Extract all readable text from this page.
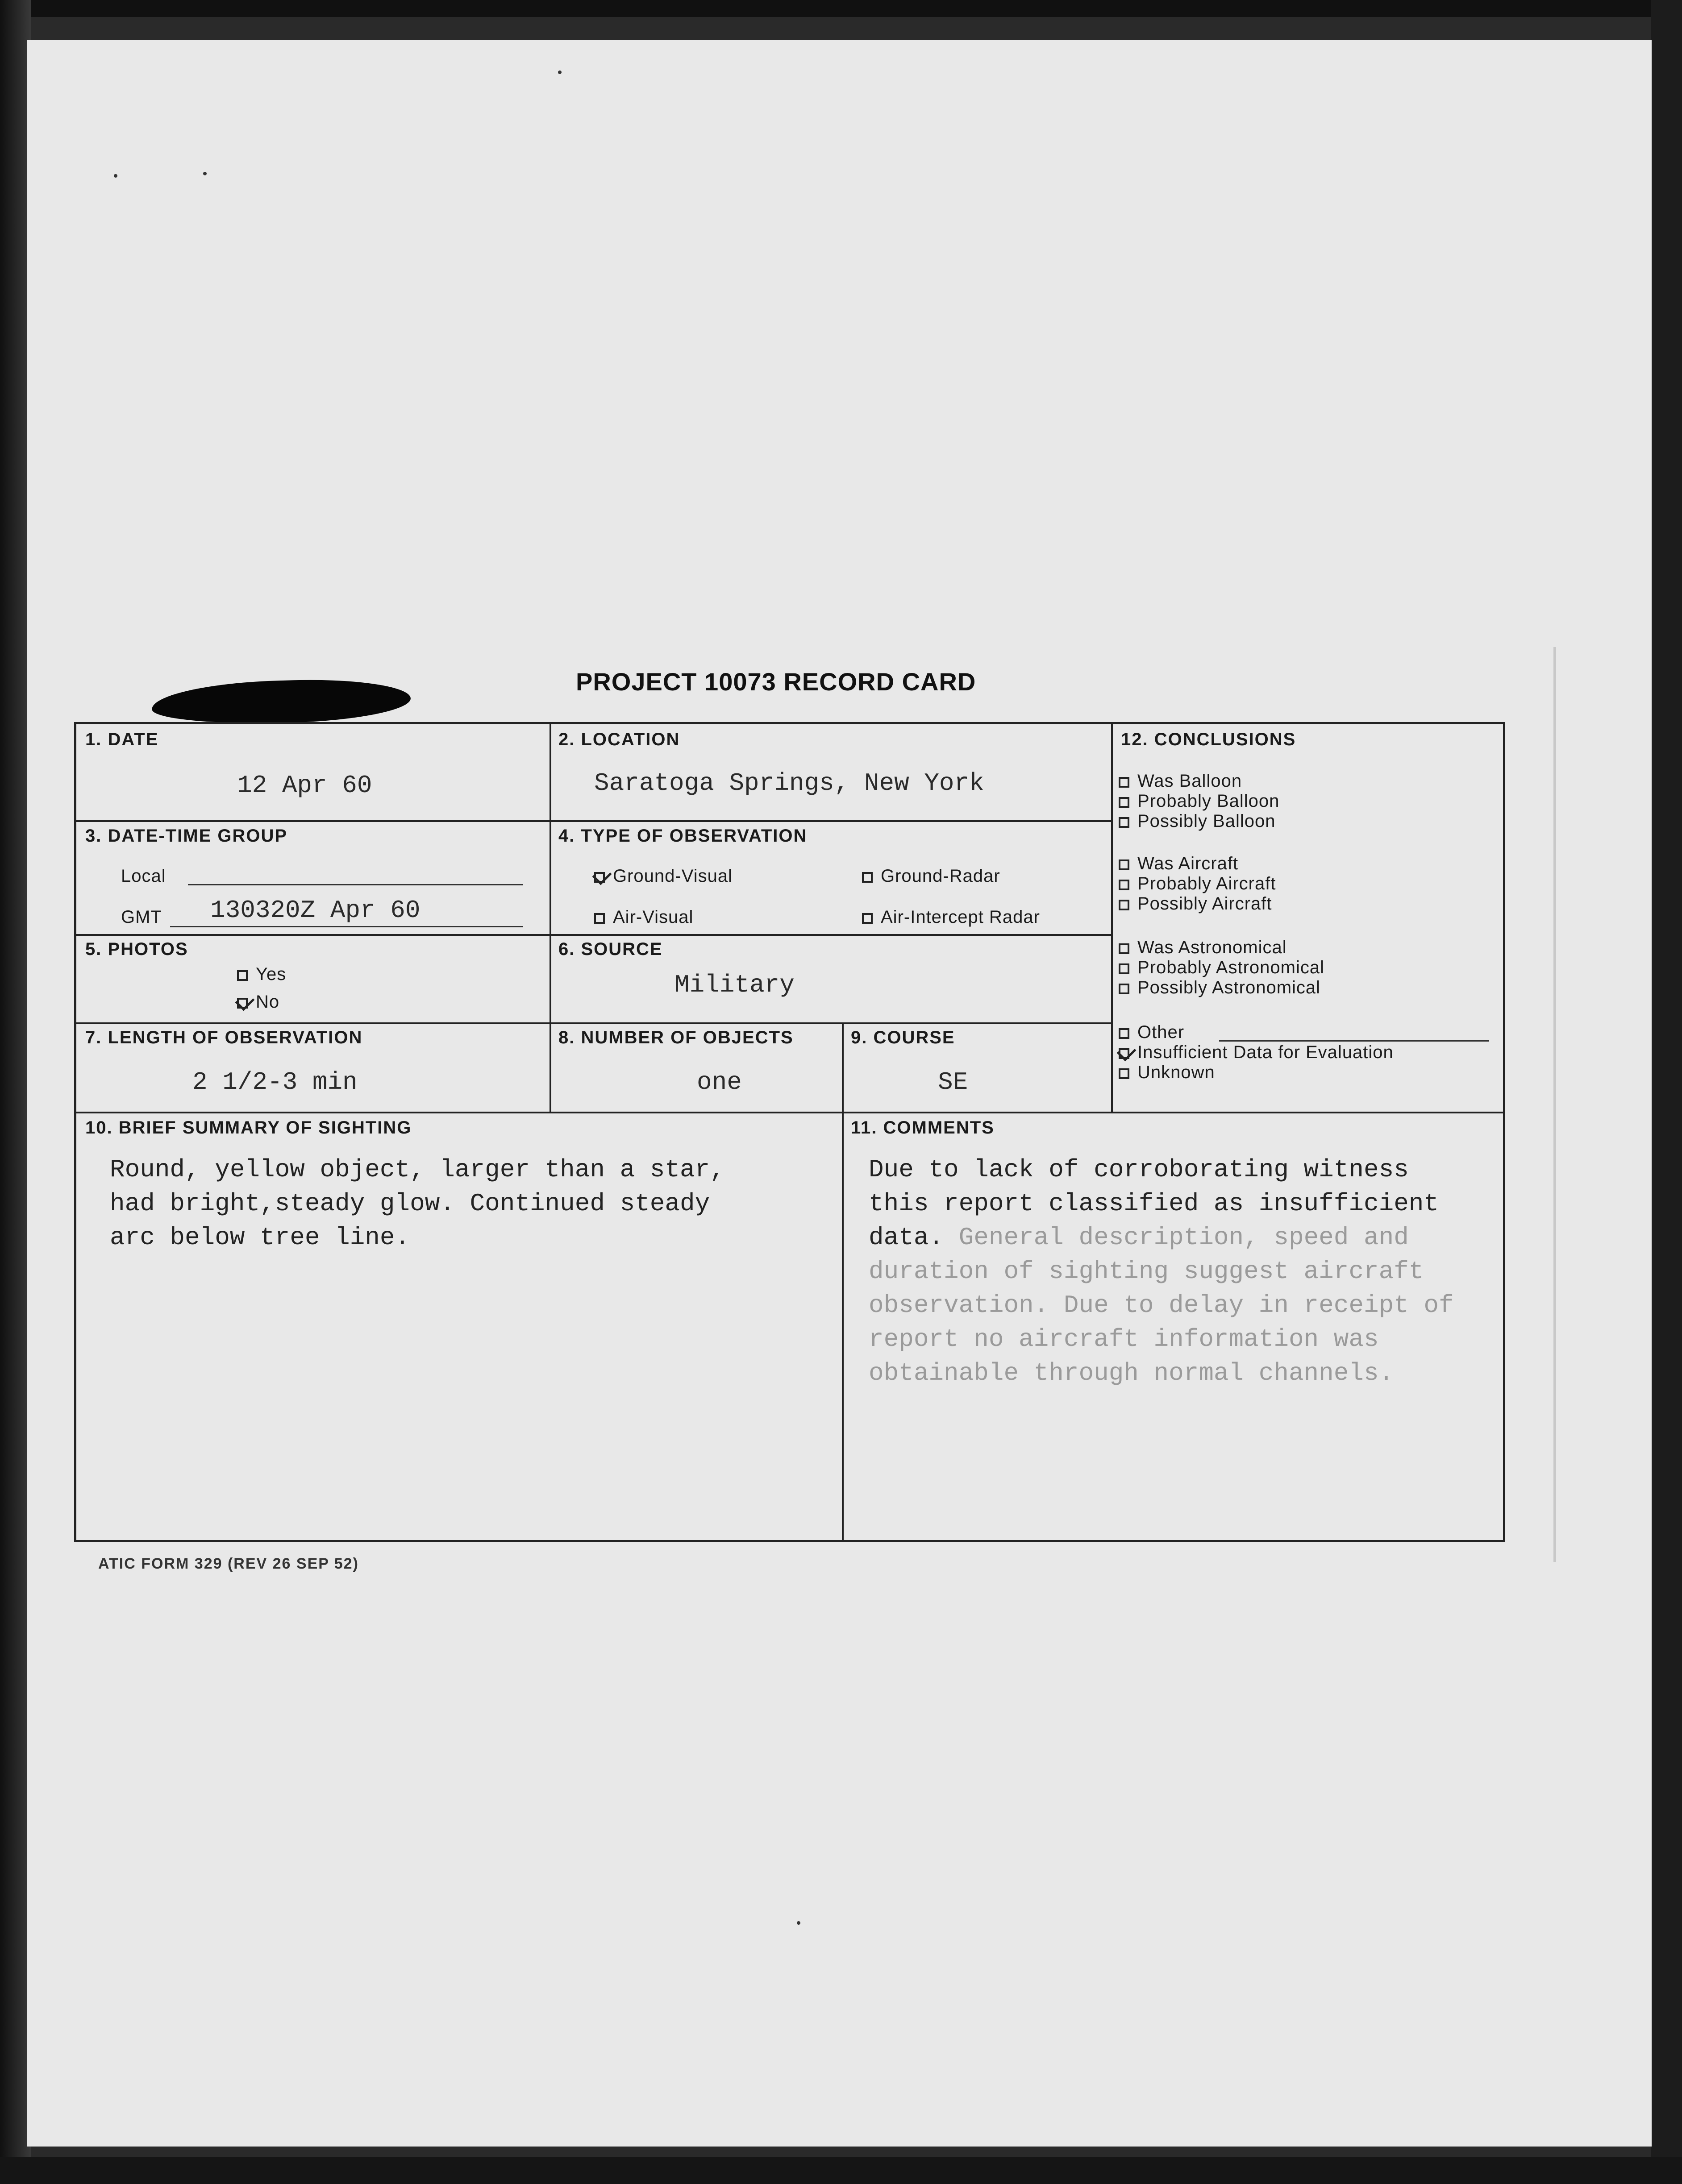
PROJECT 10073 RECORD CARD
1. DATE
12 Apr 60
2. LOCATION
Saratoga Springs, New York
3. DATE-TIME GROUP
Local
GMT 130320Z Apr 60
4. TYPE OF OBSERVATION
Ground-Visual	Ground-Radar
Air-Visual	Air-Intercept Radar
5. PHOTOS
Yes
No
6. SOURCE
Military
7. LENGTH OF OBSERVATION
2 1/2-3 min
8. NUMBER OF OBJECTS
one
9. COURSE
SE
10. BRIEF SUMMARY OF SIGHTING
Round, yellow object, larger than a star,
had bright,steady glow. Continued steady
arc below tree line.
11. COMMENTS
Due to lack of corroborating witness
this report classified as insufficient
data. General description, speed and
duration of sighting suggest aircraft
observation. Due to delay in receipt of
report no aircraft information was
obtainable through normal channels.
12. CONCLUSIONS
Was Balloon
Probably Balloon
Possibly Balloon
Was Aircraft
Probably Aircraft
Possibly Aircraft
Was Astronomical
Probably Astronomical
Possibly Astronomical
Other
Insufficient Data for Evaluation
Unknown
ATIC FORM 329 (REV 26 SEP 52)
